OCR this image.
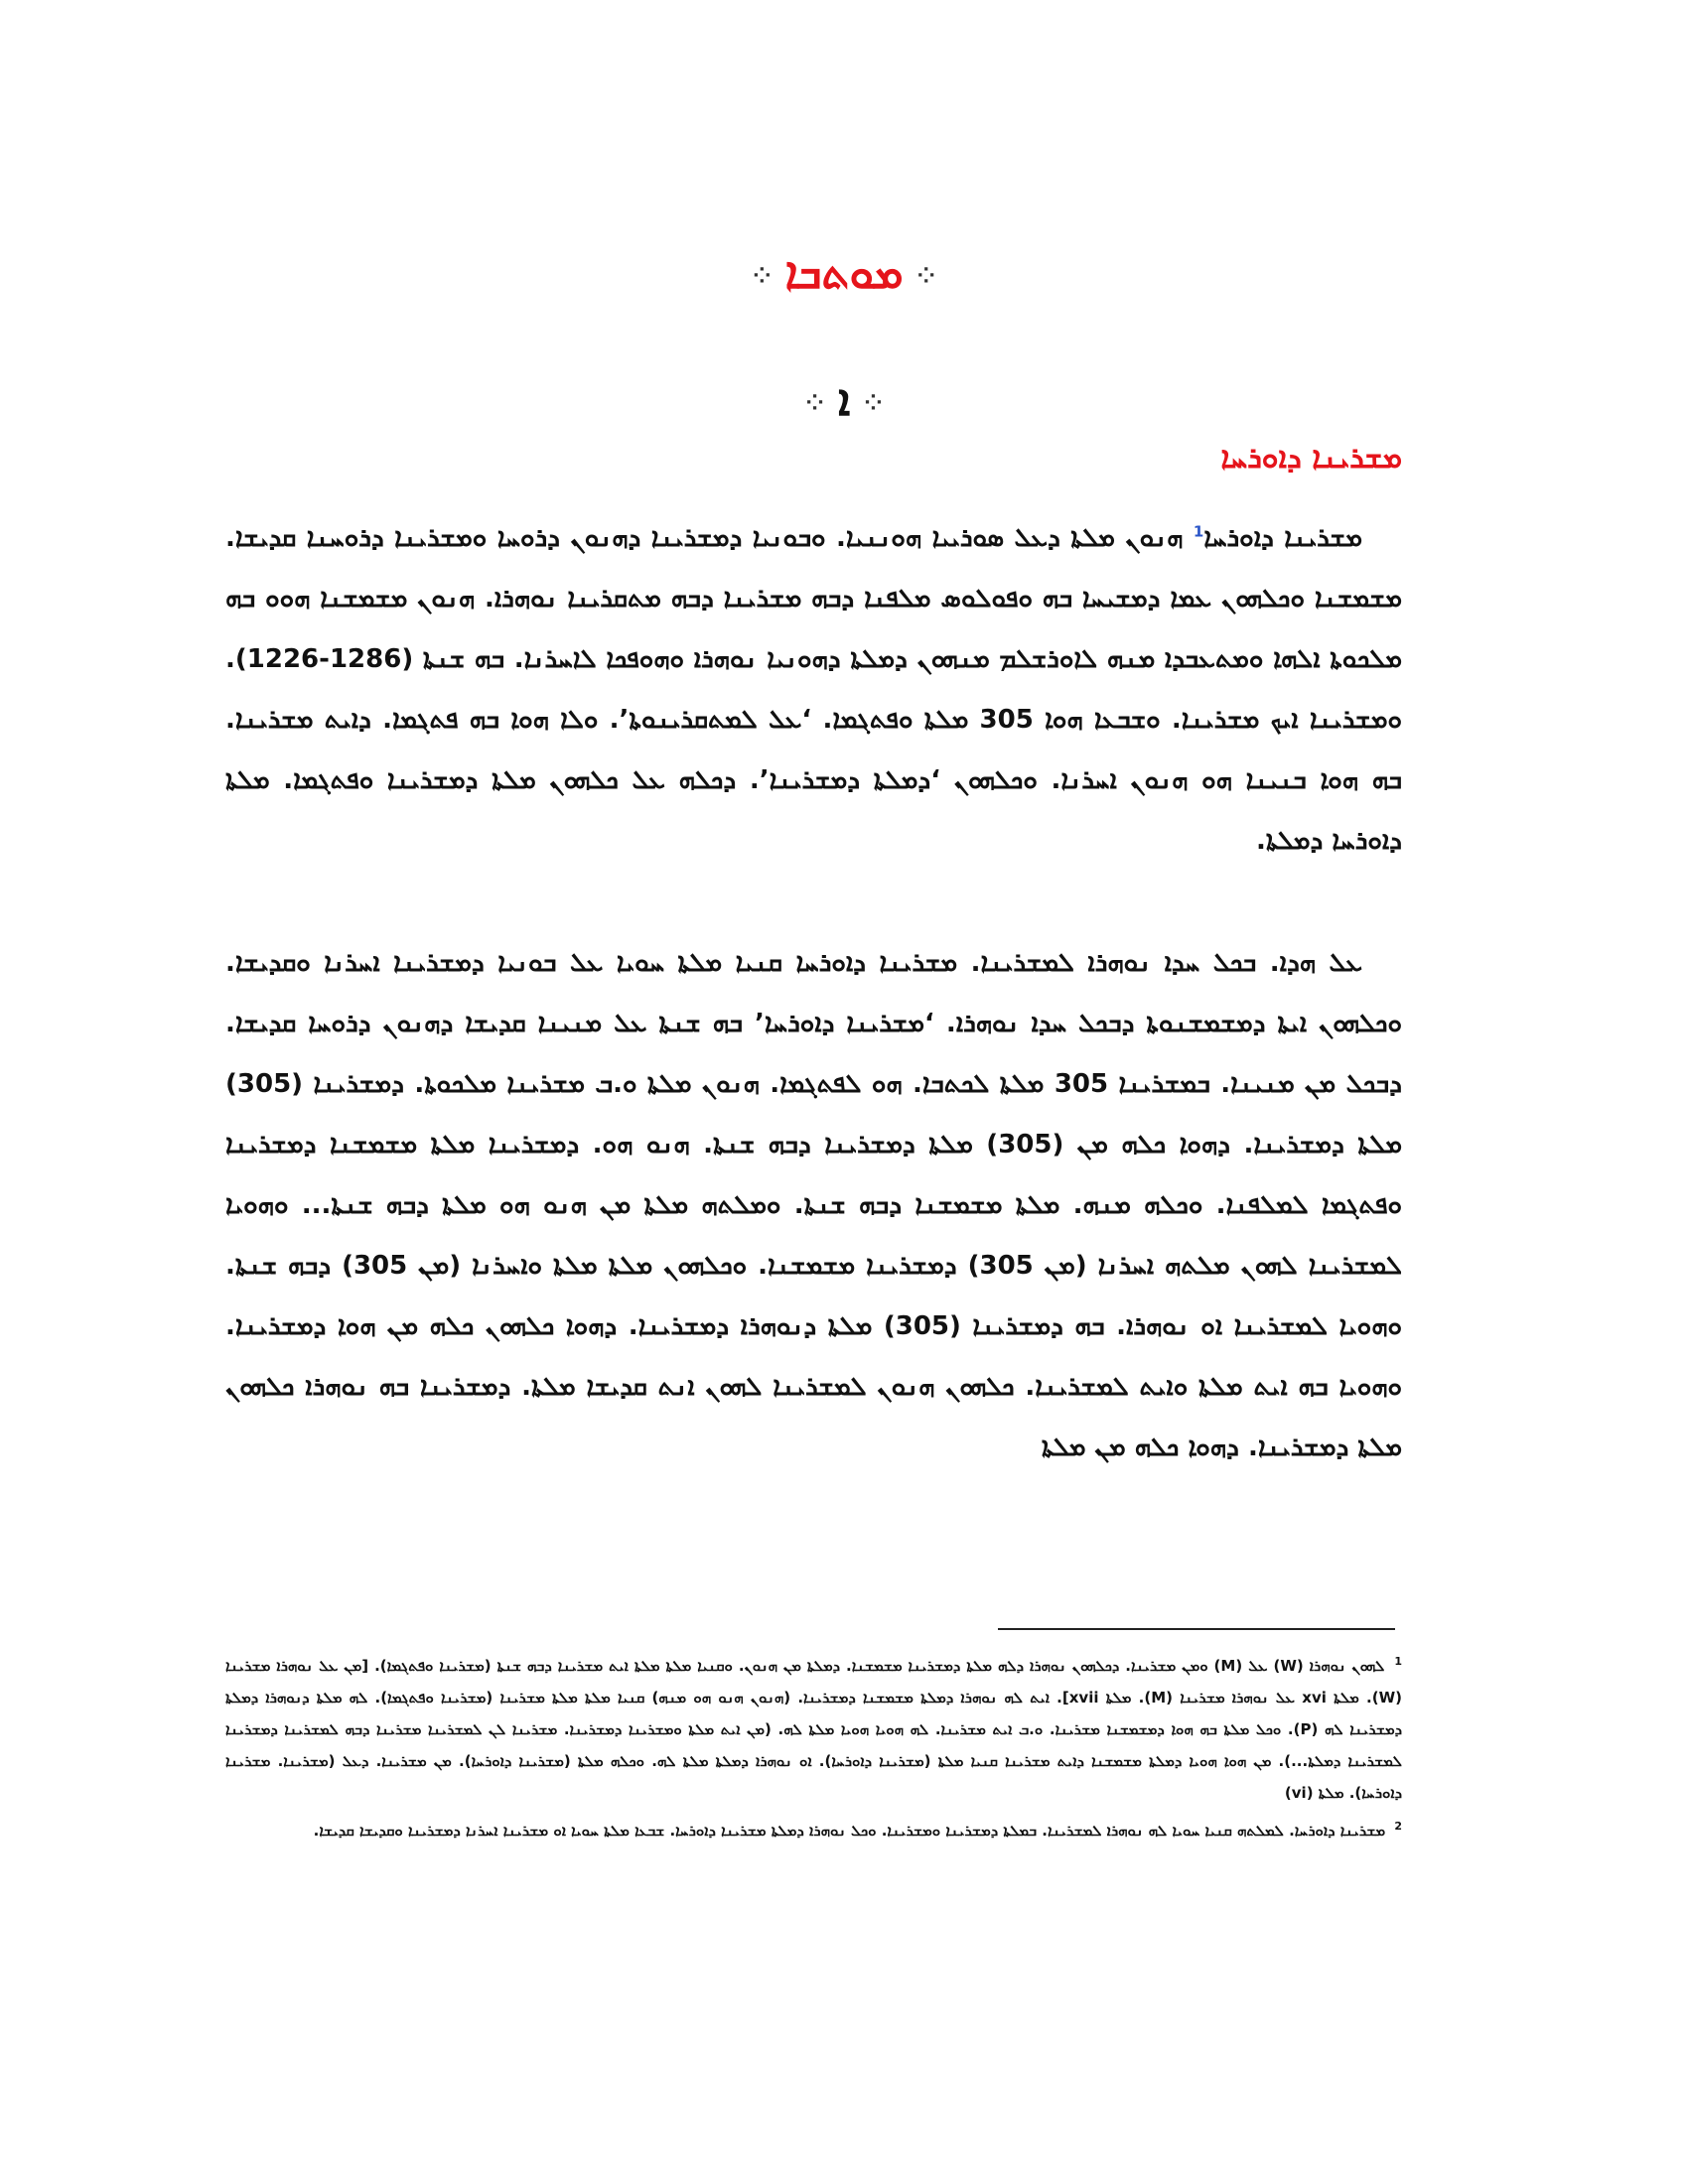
⁘ ܡܘܬܒܐ ⁘
⁘ ܐ ⁘
ܡܫܪܝܢܐ ܕܐܘܪܚܐ

ܡܫܪܝܢܐ ܕܐܘܪܚܐ$^1$ ܗܢܘܢ ܡܠܬܐ ܕܥܠ ܣܘܪܝܝܐ ܗܘܢܢܝܐ. ܘܒܘܢܝܐ ܕܡܫܪܝܢܐ ܕܗܢܘܢ ܕܪܘܚܐ ܘܡܫܪܝܢܐ ܕܪܘܚܢܐ ܩܕܝܫܐ. ܡܫܡܫܢܐ ܘܟܠܗܘܢ ܥܡܐ ܕܡܫܝܚܐ ܒܗ ܘܦܘܠܘܣ ܡܠܦܢܐ ܕܒܗ ܡܫܪܝܢܐ ܕܒܗ ܡܬܩܪܝܢܐ ܢܘܗܪܐ. ܗܢܘܢ ܡܫܡܫܢܐ ܗܘܘ ܒܗ ܡܠܟܘܬܐ ܐܠܗܐ ܘܡܬܥܒܕܐ ܡܢܗ ܠܐܘܪܫܠܡ ܡܢܗܘܢ ܕܡܠܬܐ ܕܗܘܢܝܐ ܢܘܗܪܐ ܘܗܘܦܟܐ ܠܐܚܪܢܐ. ܒܗ ܫܢܬܐ (1286-1226). ܘܡܫܪܝܢܐ ܐܝܟ ܡܫܪܝܢܐ. ܘܫܒܥܐ ܗܘܐ 305 ܡܠܬܐ ܘܦܬܓܡܐ. ‘ܥܠ ܠܡܬܩܪܝܢܘܬܐ’. ܘܠܐ ܗܘܐ ܒܗ ܦܬܓܡܐ. ܕܐܝܬ ܡܫܪܝܢܐ. ܒܗ ܗܘܐ ܒܢܝܢܐ ܗܘ ܗܢܘܢ ܐܚܪܢܐ. ܘܟܠܗܘܢ ‘ܕܡܠܬܐ ܕܡܫܪܝܢܐ’. ܕܟܠܗ ܥܠ ܟܠܗܘܢ ܡܠܬܐ ܕܡܫܪܝܢܐ ܘܦܬܓܡܐ. ܡܠܬܐ ܕܐܘܪܚܐ ܕܡܠܬܐ.

ܥܠ ܗܕܐ. ܒܟܠ ܚܕܐ ܢܘܗܪܐ ܠܡܫܪܝܢܐ. ܡܫܪܝܢܐ ܕܐܘܪܚܐ ܩܢܝܐ ܡܠܬܐ ܚܘܝܐ ܥܠ ܒܘܢܝܐ ܕܡܫܪܝܢܐ ܐܚܪܢܐ ܘܩܕܝܫܐ. ܘܟܠܗܘܢ ܐܝܬܐ ܕܡܫܡܫܢܘܬܐ ܕܒܟܠ ܚܕܐ ܢܘܗܪܐ. ‘ܡܫܪܝܢܐ ܕܐܘܪܚܐ’ ܒܗ ܫܢܬܐ ܥܠ ܡܢܝܢܐ ܩܕܝܫܐ ܕܗܢܘܢ ܕܪܘܚܐ ܩܕܝܫܐ. ܕܒܟܠ ܡܢ ܡܢܝܢܐ. ܒܡܫܪܝܢܐ 305 ܡܠܬܐ ܠܟܬܒܐ. ܗܘ ܠܦܬܓܡܐ. ܗܢܘܢ ܡܠܬܐ ܘ.ܒ ܡܫܪܝܢܐ ܡܠܟܘܬܐ. ܕܡܫܪܝܢܐ (305) ܡܠܬܐ ܕܡܫܪܝܢܐ. ܕܗܘܐ ܟܠܗ ܡܢ (305) ܡܠܬܐ ܕܡܫܪܝܢܐ ܕܒܗ ܫܢܬܐ. ܗܢܘ ܗܘ. ܕܡܫܪܝܢܐ ܡܠܬܐ ܡܫܡܫܢܐ ܕܡܫܪܝܢܐ ܘܦܬܓܡܐ ܠܡܠܦܢܐ. ܘܟܠܗ ܡܢܗ. ܡܠܬܐ ܡܫܡܫܢܐ ܕܒܗ ܫܢܬܐ. ܘܡܠܬܗ ܡܠܬܐ ܡܢ ܗܢܘ ܗܘ ܡܠܬܐ ܕܒܗ ܫܢܬܐ... ܘܗܘܝܐ ܠܡܫܪܝܢܐ ܠܗܘܢ ܡܠܬܗ ܐܚܪܢܐ (ܡܢ 305) ܕܡܫܪܝܢܐ ܡܫܡܫܢܐ. ܘܟܠܗܘܢ ܡܠܬܐ ܡܠܬܐ ܘܐܚܪܢܐ (ܡܢ 305) ܕܒܗ ܫܢܬܐ. ܘܗܘܝܐ ܠܡܫܪܝܢܐ ܐܘ ܢܘܗܪܐ. ܒܗ ܕܡܫܪܝܢܐ (305) ܡܠܬܐ ܕܢܘܗܪܐ ܕܡܫܪܝܢܐ. ܕܗܘܐ ܟܠܗܘܢ ܟܠܗ ܡܢ ܗܘܐ ܕܡܫܪܝܢܐ. ܘܗܘܝܐ ܒܗ ܐܝܬ ܡܠܬܐ ܘܐܝܬ ܠܡܫܪܝܢܐ. ܟܠܗܘܢ ܗܢܘܢ ܠܡܫܪܝܢܐ ܠܗܘܢ ܐܢܬ ܩܕܝܫܐ ܡܠܬܐ. ܕܡܫܪܝܢܐ ܒܗ ܢܘܗܪܐ ܟܠܗܘܢ ܡܠܬܐ ܕܡܫܪܝܢܐ. ܕܗܘܐ ܟܠܗ ܡܢ ܡܠܬܐ

$^1$ ܠܗܘܢ ܢܘܗܪܐ (W) ܥܠ (M) ܘܡܢ ܡܫܪܝܢܐ. ܕܟܠܗܘܢ ܢܘܗܪܐ ܕܠܗ ܡܠܬܐ ܕܡܫܪܝܢܐ ܡܫܡܫܢܐ. ܕܡܠܬܐ ܡܢ ܗܢܘܢ. ܘܩܢܝܐ ܡܠܬܐ ܡܠܬܐ ܐܝܬ ܡܫܪܝܢܐ ܕܒܗ ܫܢܬܐ (ܡܫܪܝܢܐ ܘܦܬܓܡܐ). [ܡܢ ܥܠ ܢܘܗܪܐ ܡܫܪܝܢܐ (W). ܡܠܬܐ xvi ܥܠ ܢܘܗܪܐ ܡܫܪܝܢܐ (M). ܡܠܬܐ xvii]. ܐܝܬ ܠܗ ܢܘܗܪܐ ܕܡܠܬܐ ܡܫܡܫܢܐ ܕܡܫܪܝܢܐ. (ܗܢܘܢ ܗܢܘ ܗܘ ܡܢܗ) ܩܢܝܐ ܡܠܬܐ ܡܠܬܐ ܡܫܪܝܢܐ (ܡܫܪܝܢܐ ܘܦܬܓܡܐ). ܠܗ ܡܠܬܐ ܕܢܘܗܪܐ ܕܡܠܬܐ ܕܡܫܪܝܢܐ ܠܗ (P). ܘܟܠ ܡܠܬܐ ܒܗ ܗܘܐ ܕܡܫܡܫܢܐ ܡܫܪܝܢܐ. ܘ.ܒ ܐܝܬ ܡܫܪܝܢܐ. ܠܗ ܗܘܝܐ ܗܘܝܐ ܡܠܬܐ ܠܗ. (ܡܢ ܐܝܬ ܡܠܬܐ ܘܡܫܪܝܢܐ ܕܡܫܪܝܢܐ. ܡܫܪܝܢܐ ܠܢ ܠܡܫܪܝܢܐ ܡܫܪܝܢܐ ܕܒܗ ܠܡܫܪܝܢܐ ܕܡܫܪܝܢܐ ܠܡܫܪܝܢܐ ܕܡܠܬܐ...). ܡܢ ܗܘܐ ܗܘܝܐ ܕܡܠܬܐ ܡܫܡܫܢܐ ܕܐܝܬ ܡܫܪܝܢܐ ܩܢܝܐ ܡܠܬܐ (ܡܫܪܝܢܐ ܕܐܘܪܚܐ). ܐܘ ܢܘܗܪܐ ܕܡܠܬܐ ܡܠܬܐ ܠܗ. ܘܟܠܗ ܡܠܬܐ (ܡܫܪܝܢܐ ܕܐܘܪܚܐ). ܡܢ ܡܫܪܝܢܐ. ܕܥܠ (ܡܫܪܝܢܐ. ܡܫܪܝܢܐ ܕܐܘܪܚܐ). ܡܠܬܐ (vi)

$^2$ ܡܫܪܝܢܐ ܕܐܘܪܚܐ. ܠܡܠܬܗ ܩܢܝܐ ܚܘܝܐ ܠܗ ܢܘܗܪܐ ܠܡܫܪܝܢܐ. ܒܡܠܬܐ ܕܡܫܪܝܢܐ ܘܡܫܪܝܢܐ. ܘܟܠ ܢܘܗܪܐ ܕܡܠܬܐ ܡܫܪܝܢܐ ܕܐܘܪܚܐ. ܫܒܥܐ ܡܠܬܐ ܚܘܝܐ ܐܘ ܡܫܪܝܢܐ ܐܚܪܢܐ ܕܡܫܪܝܢܐ ܘܩܕܝܫܐ ܩܕܝܫܐ.
